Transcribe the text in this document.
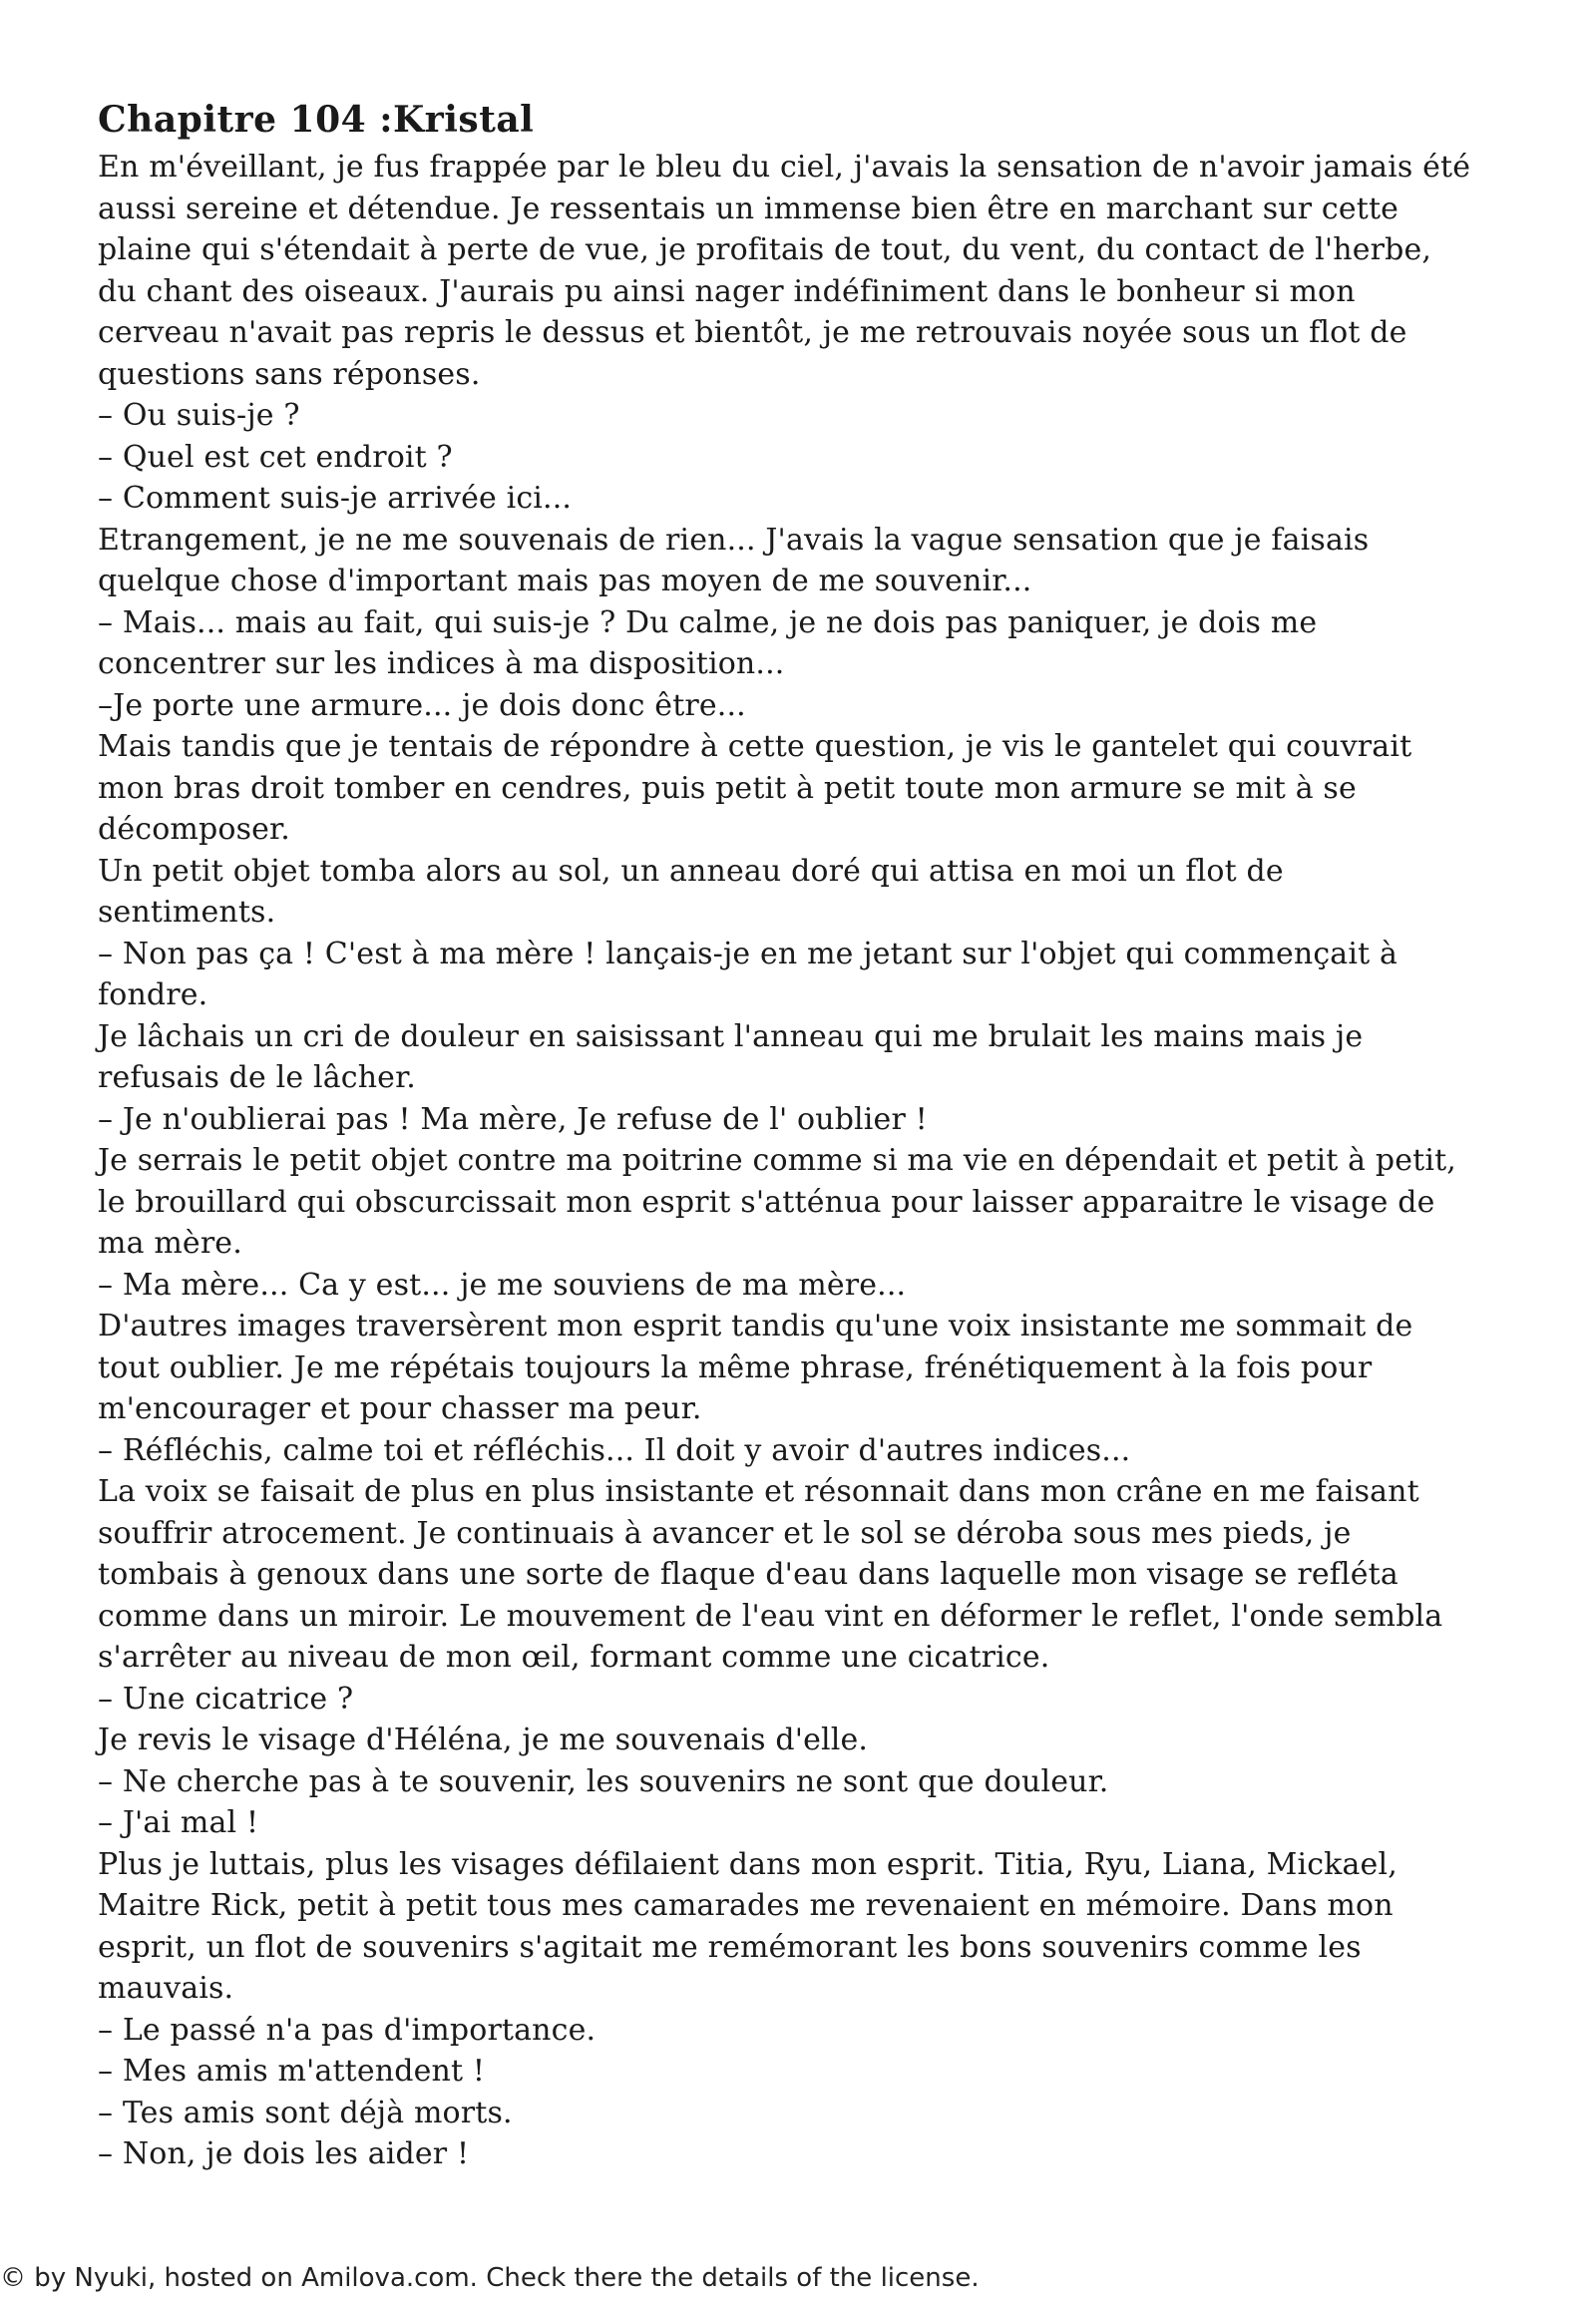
Chapitre 104 :Kristal
En m'éveillant, je fus frappée par le bleu du ciel, j'avais la sensation de n'avoir jamais été
aussi sereine et détendue. Je ressentais un immense bien être en marchant sur cette
plaine qui s'étendait à perte de vue, je profitais de tout, du vent, du contact de l'herbe,
du chant des oiseaux. J'aurais pu ainsi nager indéfiniment dans le bonheur si mon
cerveau n'avait pas repris le dessus et bientôt, je me retrouvais noyée sous un flot de
questions sans réponses.
– Ou suis-je ?
– Quel est cet endroit ?
– Comment suis-je arrivée ici...
Etrangement, je ne me souvenais de rien... J'avais la vague sensation que je faisais
quelque chose d'important mais pas moyen de me souvenir...
– Mais... mais au fait, qui suis-je ? Du calme, je ne dois pas paniquer, je dois me
concentrer sur les indices à ma disposition...
–Je porte une armure... je dois donc être...
Mais tandis que je tentais de répondre à cette question, je vis le gantelet qui couvrait
mon bras droit tomber en cendres, puis petit à petit toute mon armure se mit à se
décomposer.
Un petit objet tomba alors au sol, un anneau doré qui attisa en moi un flot de
sentiments.
– Non pas ça ! C'est à ma mère ! lançais-je en me jetant sur l'objet qui commençait à
fondre.
Je lâchais un cri de douleur en saisissant l'anneau qui me brulait les mains mais je
refusais de le lâcher.
– Je n'oublierai pas ! Ma mère, Je refuse de l' oublier !
Je serrais le petit objet contre ma poitrine comme si ma vie en dépendait et petit à petit,
le brouillard qui obscurcissait mon esprit s'atténua pour laisser apparaitre le visage de
ma mère.
– Ma mère... Ca y est... je me souviens de ma mère...
D'autres images traversèrent mon esprit tandis qu'une voix insistante me sommait de
tout oublier. Je me répétais toujours la même phrase, frénétiquement à la fois pour
m'encourager et pour chasser ma peur.
– Réfléchis, calme toi et réfléchis... Il doit y avoir d'autres indices...
La voix se faisait de plus en plus insistante et résonnait dans mon crâne en me faisant
souffrir atrocement. Je continuais à avancer et le sol se déroba sous mes pieds, je
tombais à genoux dans une sorte de flaque d'eau dans laquelle mon visage se refléta
comme dans un miroir. Le mouvement de l'eau vint en déformer le reflet, l'onde sembla
s'arrêter au niveau de mon œil, formant comme une cicatrice.
– Une cicatrice ?
Je revis le visage d'Héléna, je me souvenais d'elle.
– Ne cherche pas à te souvenir, les souvenirs ne sont que douleur.
– J'ai mal !
Plus je luttais, plus les visages défilaient dans mon esprit. Titia, Ryu, Liana, Mickael,
Maitre Rick, petit à petit tous mes camarades me revenaient en mémoire. Dans mon
esprit, un flot de souvenirs s'agitait me remémorant les bons souvenirs comme les
mauvais.
– Le passé n'a pas d'importance.
– Mes amis m'attendent !
– Tes amis sont déjà morts.
– Non, je dois les aider !
© by Nyuki, hosted on Amilova.com. Check there the details of the license.
